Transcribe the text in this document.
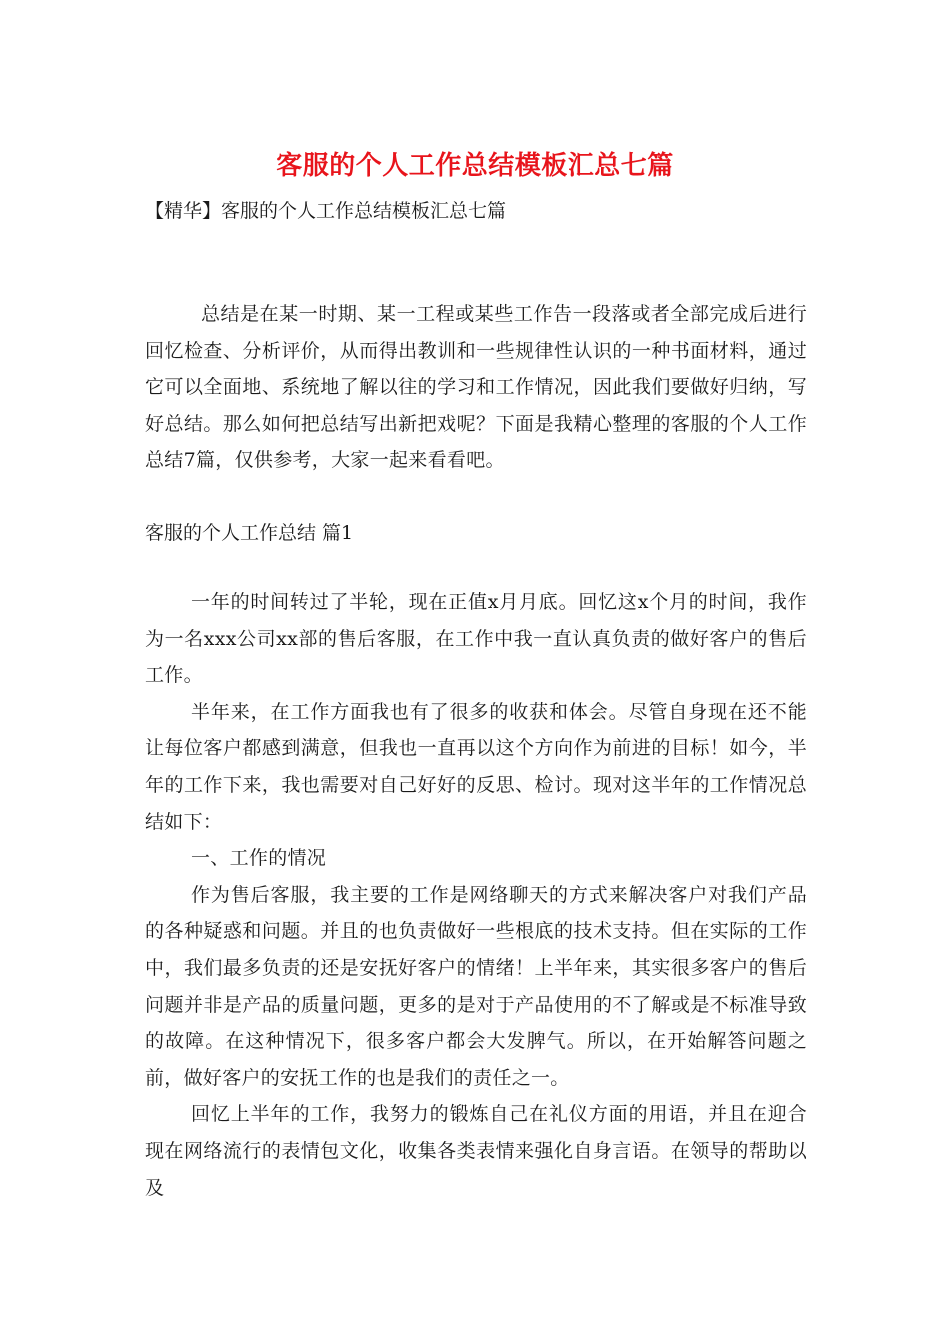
客服的个人工作总结模板汇总七篇
【精华】客服的个人工作总结模板汇总七篇

总结是在某一时期、某一工程或某些工作告一段落或者全部完成后进行回忆检查、分析评价，从而得出教训和一些规律性认识的一种书面材料，通过它可以全面地、系统地了解以往的学习和工作情况，因此我们要做好归纳，写好总结。那么如何把总结写出新把戏呢？下面是我精心整理的客服的个人工作总结7篇，仅供参考，大家一起来看看吧。

客服的个人工作总结 篇1

一年的时间转过了半轮，现在正值x月月底。回忆这x个月的时间，我作为一名xxx公司xx部的售后客服，在工作中我一直认真负责的做好客户的售后工作。

半年来，在工作方面我也有了很多的收获和体会。尽管自身现在还不能让每位客户都感到满意，但我也一直再以这个方向作为前进的目标！如今，半年的工作下来，我也需要对自己好好的反思、检讨。现对这半年的工作情况总结如下：

一、工作的情况

作为售后客服，我主要的工作是网络聊天的方式来解决客户对我们产品的各种疑惑和问题。并且的也负责做好一些根底的技术支持。但在实际的工作中，我们最多负责的还是安抚好客户的情绪！上半年来，其实很多客户的售后问题并非是产品的质量问题，更多的是对于产品使用的不了解或是不标准导致的故障。在这种情况下，很多客户都会大发脾气。所以，在开始解答问题之前，做好客户的安抚工作的也是我们的责任之一。

回忆上半年的工作，我努力的锻炼自己在礼仪方面的用语，并且在迎合现在网络流行的表情包文化，收集各类表情来强化自身言语。在领导的帮助以及
